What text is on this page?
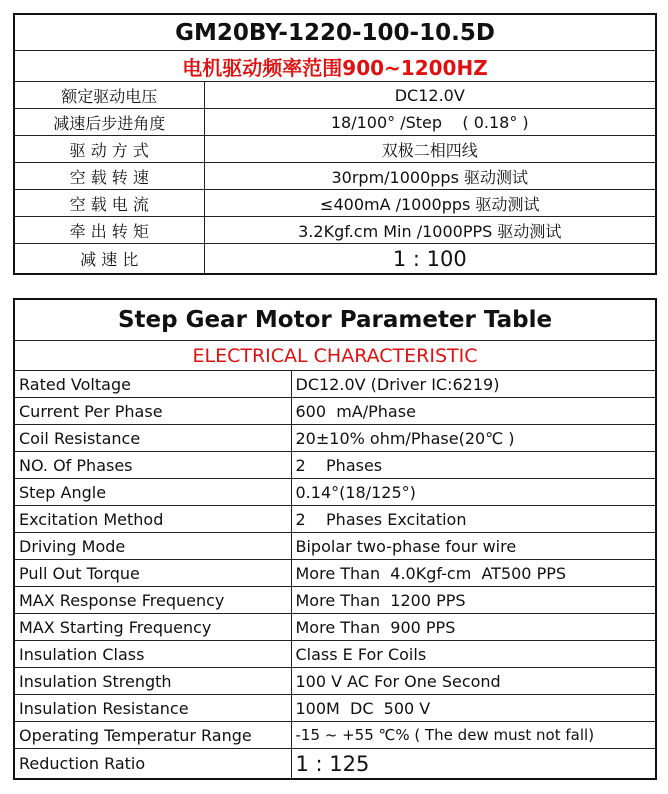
GM20BY-1220-100-10.5D	
电机驱动频率范围900~1200HZ	
额定驱动电压	DC12.0V
减速后步进角度	18/100° /Step    ( 0.18° )
驱 动 方 式	双极二相四线
空 载 转 速	30rpm/1000pps 驱动测试
空 载 电 流	≤400mA /1000pps 驱动测试
牵 出 转 矩	3.2Kgf.cm Min /1000PPS 驱动测试
减 速 比	1 : 100
Step Gear Motor Parameter Table	
ELECTRICAL CHARACTERISTIC	
Rated Voltage	DC12.0V (Driver IC:6219)
Current Per Phase	600  mA/Phase
Coil Resistance	20±10% ohm/Phase(20℃ )
NO. Of Phases	2    Phases
Step Angle	0.14°(18/125°)
Excitation Method	2    Phases Excitation
Driving Mode	Bipolar two-phase four wire
Pull Out Torque	More Than  4.0Kgf-cm  AT500 PPS
MAX Response Frequency	More Than  1200 PPS
MAX Starting Frequency	More Than  900 PPS
Insulation Class	Class E For Coils
Insulation Strength	100 V AC For One Second
Insulation Resistance	100M  DC  500 V
Operating Temperatur Range	-15 ~ +55 ℃% ( The dew must not fall)
Reduction Ratio	1 : 125
